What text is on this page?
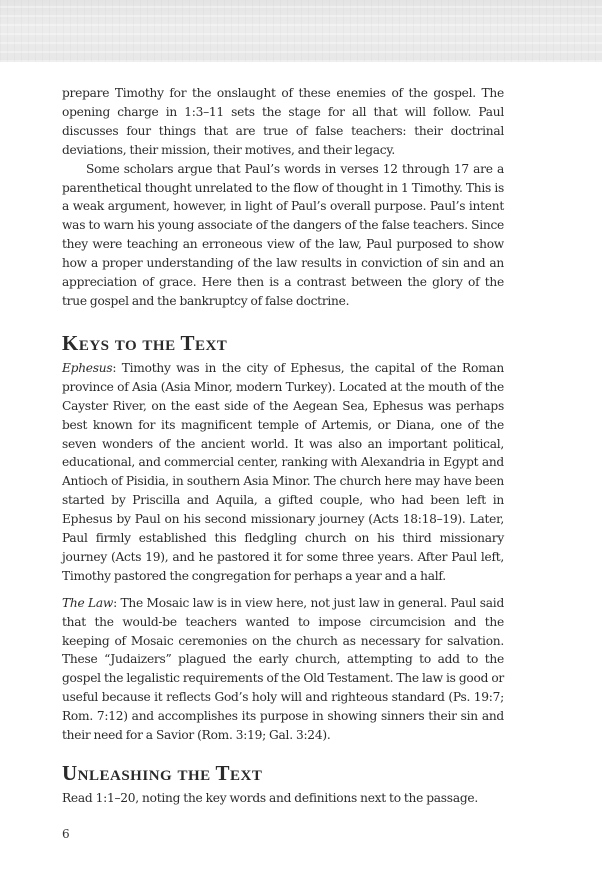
prepare Timothy for the onslaught of these enemies of the gospel. The opening charge in 1:3–11 sets the stage for all that will follow. Paul discusses four things that are true of false teachers: their doctrinal deviations, their mission, their motives, and their legacy.

Some scholars argue that Paul’s words in verses 12 through 17 are a parenthetical thought unrelated to the flow of thought in 1 Timothy. This is a weak argument, however, in light of Paul’s overall purpose. Paul’s intent was to warn his young associate of the dangers of the false teachers. Since they were teaching an erroneous view of the law, Paul purposed to show how a proper understanding of the law results in conviction of sin and an appreciation of grace. Here then is a contrast between the glory of the true gospel and the bankruptcy of false doctrine.

Keys to the Text

Ephesus: Timothy was in the city of Ephesus, the capital of the Roman province of Asia (Asia Minor, modern Turkey). Located at the mouth of the Cayster River, on the east side of the Aegean Sea, Ephesus was perhaps best known for its magnificent temple of Artemis, or Diana, one of the seven wonders of the ancient world. It was also an important political, educational, and commercial center, ranking with Alexandria in Egypt and Antioch of Pisidia, in southern Asia Minor. The church here may have been started by Priscilla and Aquila, a gifted couple, who had been left in Ephesus by Paul on his second missionary journey (Acts 18:18–19). Later, Paul firmly established this fledgling church on his third missionary journey (Acts 19), and he pastored it for some three years. After Paul left, Timothy pastored the congregation for perhaps a year and a half.

The Law: The Mosaic law is in view here, not just law in general. Paul said that the would-be teachers wanted to impose circumcision and the keeping of Mosaic ceremonies on the church as necessary for salvation. These “Judaizers” plagued the early church, attempting to add to the gospel the legalistic requirements of the Old Testament. The law is good or useful because it reflects God’s holy will and righteous standard (Ps. 19:7; Rom. 7:12) and accomplishes its purpose in showing sinners their sin and their need for a Savior (Rom. 3:19; Gal. 3:24).

Unleashing the Text

Read 1:1–20, noting the key words and definitions next to the passage.

6
